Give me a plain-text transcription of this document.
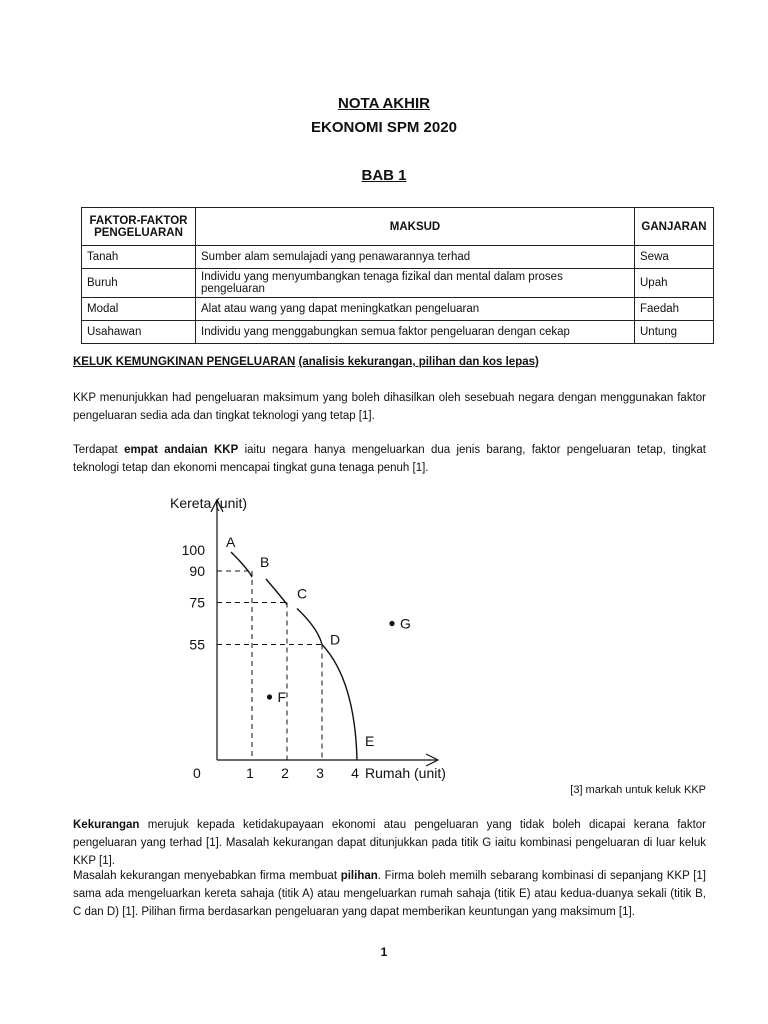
NOTA AKHIR
EKONOMI SPM 2020
BAB 1
FAKTOR-FAKTOR PENGELUARAN	MAKSUD	GANJARAN
Tanah	Sumber alam semulajadi yang penawarannya terhad	Sewa
Buruh	Individu yang menyumbangkan tenaga fizikal dan mental dalam proses pengeluaran	Upah
Modal	Alat atau wang yang dapat meningkatkan pengeluaran	Faedah
Usahawan	Individu yang menggabungkan semua faktor pengeluaran dengan cekap	Untung
KELUK KEMUNGKINAN PENGELUARAN (analisis kekurangan, pilihan dan kos lepas)
KKP menunjukkan had pengeluaran maksimum yang boleh dihasilkan oleh sesebuah negara dengan menggunakan faktor pengeluaran sedia ada dan tingkat teknologi yang tetap [1].
Terdapat empat andaian KKP iaitu negara hanya mengeluarkan dua jenis barang, faktor pengeluaran tetap, tingkat teknologi tetap dan ekonomi mencapai tingkat guna tenaga penuh [1].
Kereta (unit)
Rumah (unit)
0	1 2 3 4
100
90
75
55
A
B
C
D
E
F
G
[3] markah untuk keluk KKP
Kekurangan merujuk kepada ketidakupayaan ekonomi atau pengeluaran yang tidak boleh dicapai kerana faktor pengeluaran yang terhad [1]. Masalah kekurangan dapat ditunjukkan pada titik G iaitu kombinasi pengeluaran di luar keluk KKP [1].
Masalah kekurangan menyebabkan firma membuat pilihan. Firma boleh memilh sebarang kombinasi di sepanjang KKP [1] sama ada mengeluarkan kereta sahaja (titik A) atau mengeluarkan rumah sahaja (titik E) atau kedua-duanya sekali (titik B, C dan D) [1]. Pilihan firma berdasarkan pengeluaran yang dapat memberikan keuntungan yang maksimum [1].
1
